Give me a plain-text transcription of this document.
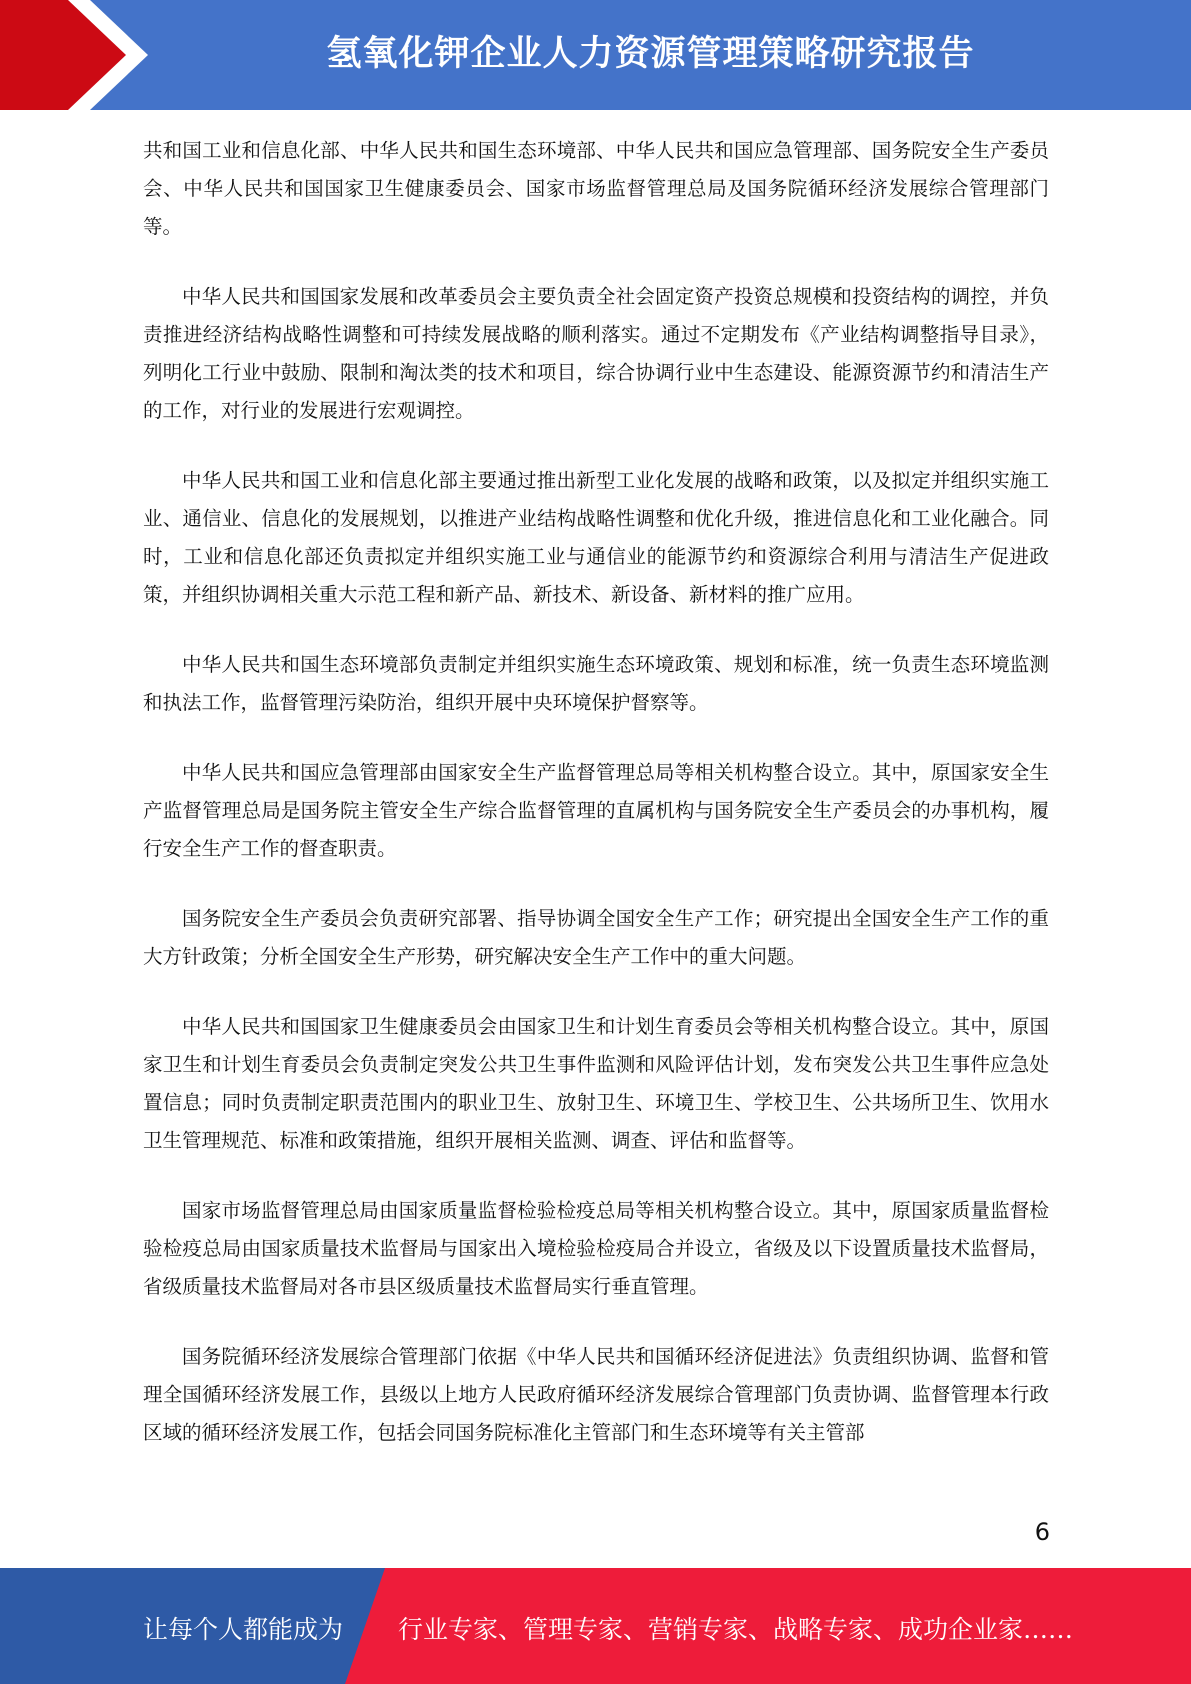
氢氧化钾企业人力资源管理策略研究报告

共和国工业和信息化部、中华人民共和国生态环境部、中华人民共和国应急管理部、国务院安全生产委员会、中华人民共和国国家卫生健康委员会、国家市场监督管理总局及国务院循环经济发展综合管理部门等。

中华人民共和国国家发展和改革委员会主要负责全社会固定资产投资总规模和投资结构的调控，并负责推进经济结构战略性调整和可持续发展战略的顺利落实。通过不定期发布《产业结构调整指导目录》，列明化工行业中鼓励、限制和淘汰类的技术和项目，综合协调行业中生态建设、能源资源节约和清洁生产的工作，对行业的发展进行宏观调控。

中华人民共和国工业和信息化部主要通过推出新型工业化发展的战略和政策，以及拟定并组织实施工业、通信业、信息化的发展规划，以推进产业结构战略性调整和优化升级，推进信息化和工业化融合。同时，工业和信息化部还负责拟定并组织实施工业与通信业的能源节约和资源综合利用与清洁生产促进政策，并组织协调相关重大示范工程和新产品、新技术、新设备、新材料的推广应用。

中华人民共和国生态环境部负责制定并组织实施生态环境政策、规划和标准，统一负责生态环境监测和执法工作，监督管理污染防治，组织开展中央环境保护督察等。

中华人民共和国应急管理部由国家安全生产监督管理总局等相关机构整合设立。其中，原国家安全生产监督管理总局是国务院主管安全生产综合监督管理的直属机构与国务院安全生产委员会的办事机构，履行安全生产工作的督查职责。

国务院安全生产委员会负责研究部署、指导协调全国安全生产工作；研究提出全国安全生产工作的重大方针政策；分析全国安全生产形势，研究解决安全生产工作中的重大问题。

中华人民共和国国家卫生健康委员会由国家卫生和计划生育委员会等相关机构整合设立。其中，原国家卫生和计划生育委员会负责制定突发公共卫生事件监测和风险评估计划，发布突发公共卫生事件应急处置信息；同时负责制定职责范围内的职业卫生、放射卫生、环境卫生、学校卫生、公共场所卫生、饮用水卫生管理规范、标准和政策措施，组织开展相关监测、调查、评估和监督等。

国家市场监督管理总局由国家质量监督检验检疫总局等相关机构整合设立。其中，原国家质量监督检验检疫总局由国家质量技术监督局与国家出入境检验检疫局合并设立，省级及以下设置质量技术监督局，省级质量技术监督局对各市县区级质量技术监督局实行垂直管理。

国务院循环经济发展综合管理部门依据《中华人民共和国循环经济促进法》负责组织协调、监督和管理全国循环经济发展工作，县级以上地方人民政府循环经济发展综合管理部门负责协调、监督管理本行政区域的循环经济发展工作，包括会同国务院标准化主管部门和生态环境等有关主管部

6
让每个人都能成为 行业专家、管理专家、营销专家、战略专家、成功企业家……
